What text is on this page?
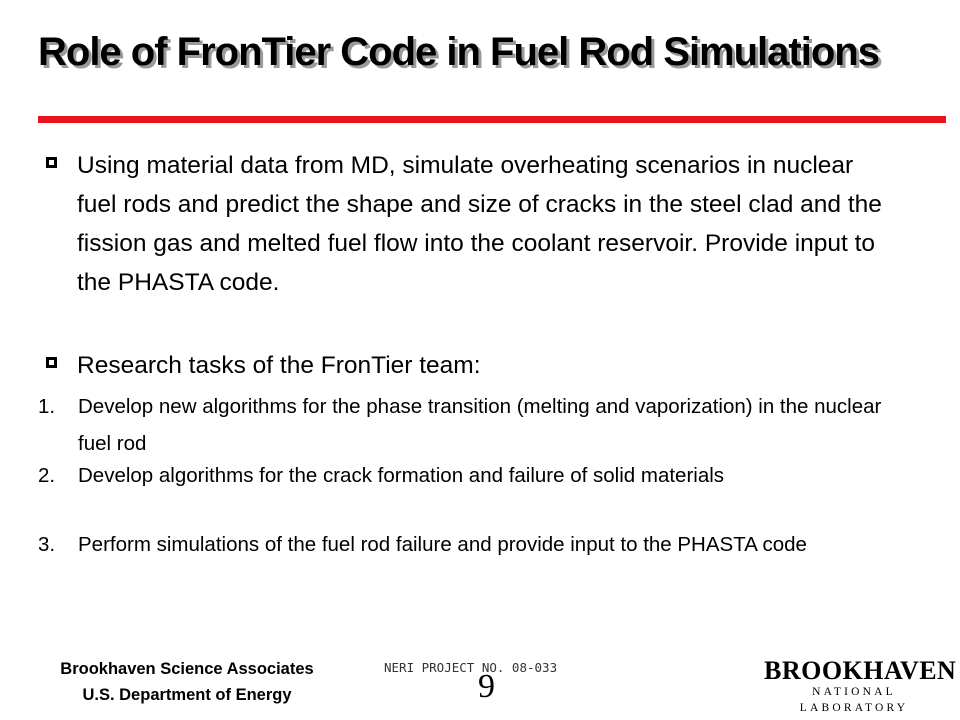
Role of FronTier Code in Fuel Rod Simulations
Using material data from MD, simulate overheating scenarios in nuclear fuel rods and predict the shape and size of cracks in the steel clad and the fission gas and melted fuel flow into the coolant reservoir. Provide input to the PHASTA code.
Research tasks of the FronTier team:
1.	Develop new algorithms for the phase transition (melting and vaporization) in the nuclear fuel rod
2.	Develop algorithms for the crack formation and failure of solid materials
3.	Perform simulations of the fuel rod failure and provide input to the PHASTA code
Brookhaven Science Associates
U.S. Department of Energy
NERI PROJECT NO. 08-033
9	BROOKHAVEN
NATIONAL LABORATORY
